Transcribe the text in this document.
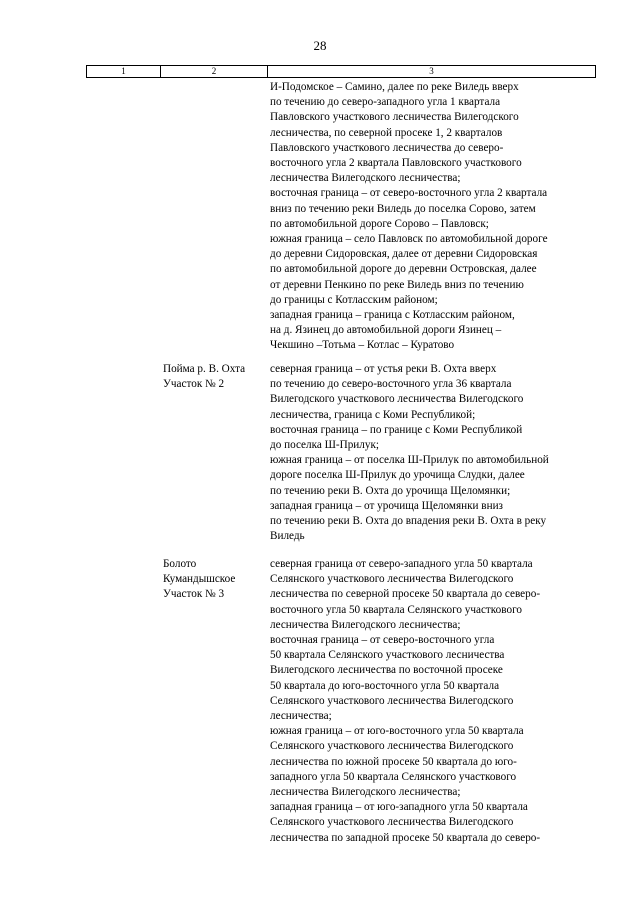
28
1	2	3
И-Подомское – Самино, далее по реке Виледь вверх
по течению до северо-западного угла 1 квартала
Павловского участкового лесничества Вилегодского
лесничества, по северной просеке 1, 2 кварталов
Павловского участкового лесничества до северо-
восточного угла 2 квартала Павловского участкового
лесничества Вилегодского лесничества;
восточная граница – от северо-восточного угла 2 квартала
вниз по течению реки Виледь до поселка Сорово, затем
по автомобильной дороге Сорово – Павловск;
южная граница – село Павловск по автомобильной дороге
до деревни Сидоровская, далее от деревни Сидоровская
по автомобильной дороге до деревни Островская, далее
от деревни Пенкино по реке Виледь вниз по течению
до границы с Котласским районом;
западная граница – граница с Котласским районом,
на д. Язинец до автомобильной дороги Язинец –
Чекшино –Тотьма – Котлас – Куратово
Пойма р. В. Охта
Участок № 2
северная граница – от устья реки В. Охта вверх
по течению до северо-восточного угла 36 квартала
Вилегодского участкового лесничества Вилегодского
лесничества, граница с Коми Республикой;
восточная граница – по границе с Коми Республикой
до поселка Ш-Прилук;
южная граница – от поселка Ш-Прилук по автомобильной
дороге поселка Ш-Прилук до урочища Слудки, далее
по течению реки В. Охта до урочища Щеломянки;
западная граница – от урочища Щеломянки вниз
по течению реки В. Охта до впадения реки В. Охта в реку
Виледь
Болото
Кумандышское
Участок № 3
северная граница от северо-западного угла 50 квартала
Селянского участкового лесничества Вилегодского
лесничества по северной просеке 50 квартала до северо-
восточного угла 50 квартала Селянского участкового
лесничества Вилегодского лесничества;
восточная граница – от северо-восточного угла
50 квартала Селянского участкового лесничества
Вилегодского лесничества по восточной просеке
50 квартала до юго-восточного угла 50 квартала
Селянского участкового лесничества Вилегодского
лесничества;
южная граница – от юго-восточного угла 50 квартала
Селянского участкового лесничества Вилегодского
лесничества по южной просеке 50 квартала до юго-
западного угла 50 квартала Селянского участкового
лесничества Вилегодского лесничества;
западная граница – от юго-западного угла 50 квартала
Селянского участкового лесничества Вилегодского
лесничества по западной просеке 50 квартала до северо-
